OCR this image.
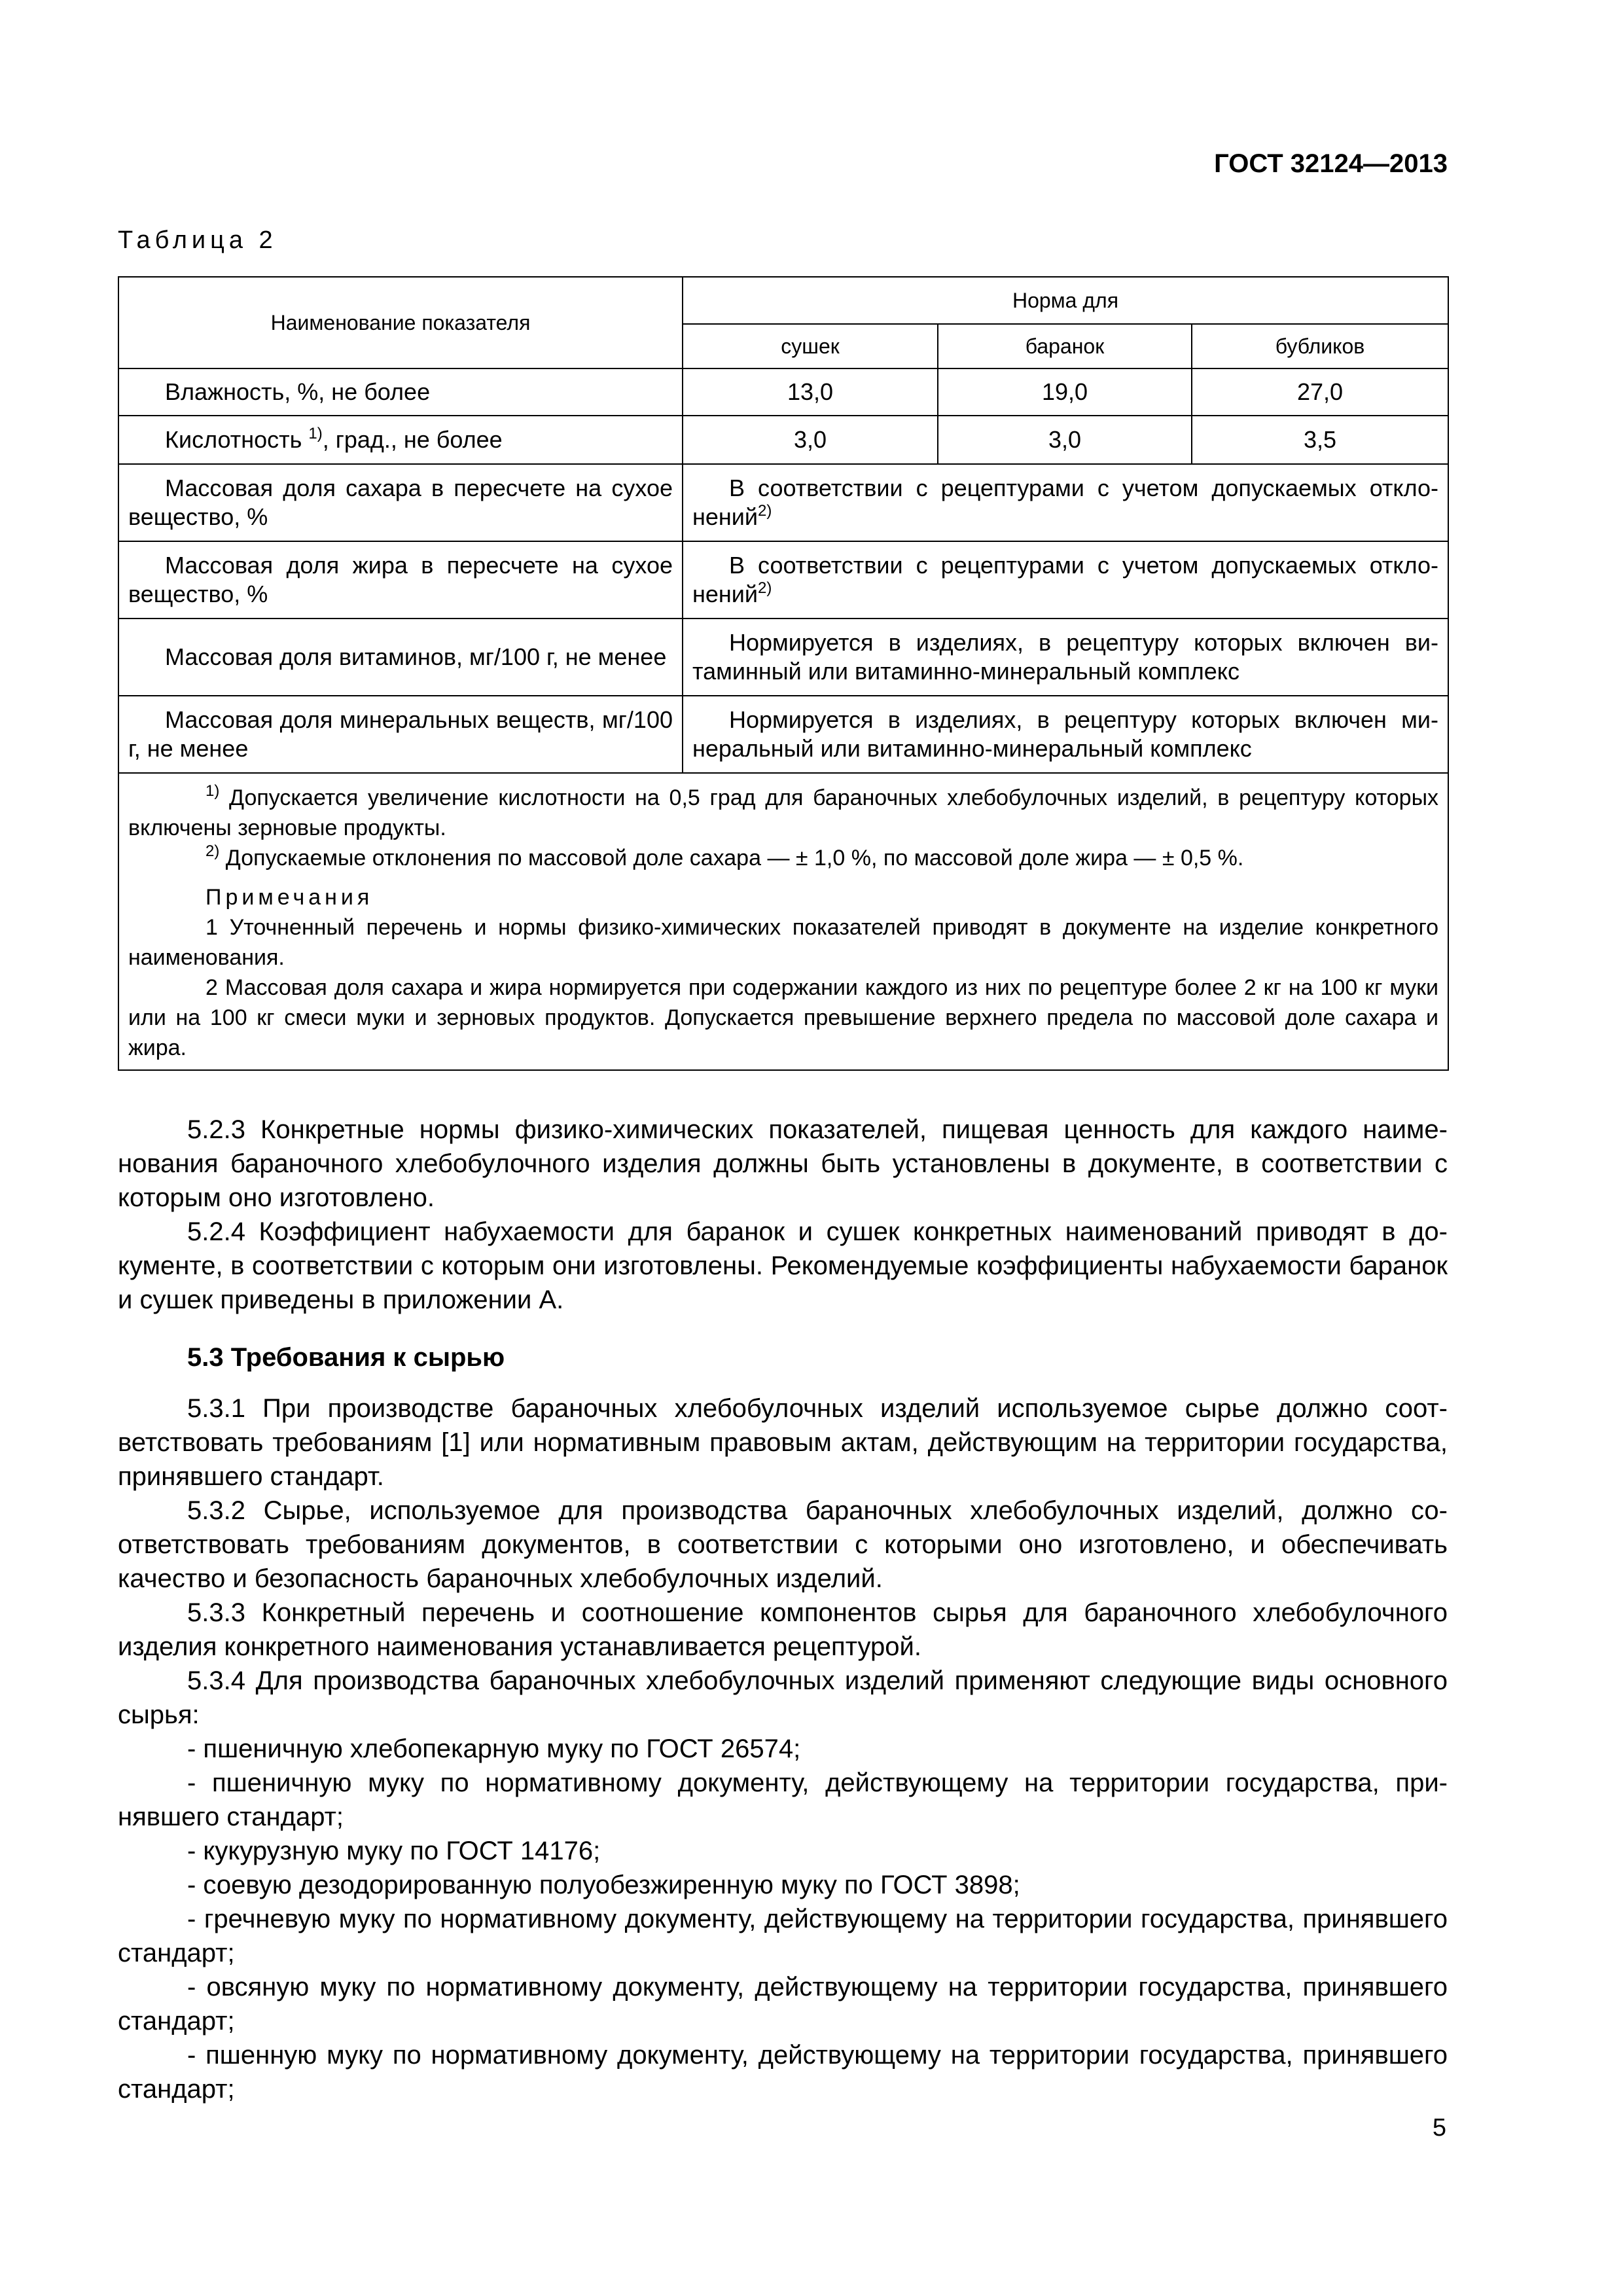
ГОСТ 32124—2013
Таблица 2
Наименование показателя	Норма для		
	сушек	баранок	бубликов
Влажность, %, не более	13,0	19,0	27,0
Кислотность $^{1)}$, град., не более	3,0	3,0	3,5
Массовая доля сахара в пересчете на сухое вещество, %	В соответствии с рецептурами с учетом допускаемых отклонений$^{2)}$
Массовая доля жира в пересчете на сухое вещество, %	В соответствии с рецептурами с учетом допускаемых отклонений$^{2)}$
Массовая доля витаминов, мг/100 г, не менее	Нормируется в изделиях, в рецептуру которых включен витаминный или витаминно-минеральный комплекс		
Массовая доля минеральных веществ, мг/100 г, не менее	Нормируется в изделиях, в рецептуру которых включен минеральный или витаминно-минеральный комплекс		

$^{1)}$ Допускается увеличение кислотности на 0,5 град для бараночных хлебобулочных изделий, в рецептуру которых включены зерновые продукты.

$^{2)}$ Допускаемые отклонения по массовой доле сахара — ± 1,0 %, по массовой доле жира — ± 0,5 %.

Примечания

1 Уточненный перечень и нормы физико-химических показателей приводят в документе на изделие конкретного наименования.

2 Массовая доля сахара и жира нормируется при содержании каждого из них по рецептуре более 2 кг на 100 кг муки или на 100 кг смеси муки и зерновых продуктов. Допускается превышение верхнего предела по массовой доле сахара и жира.			

5.2.3 Конкретные нормы физико-химических показателей, пищевая ценность для каждого наименования бараночного хлебобулочного изделия должны быть установлены в документе, в соответствии с которым оно изготовлено.

5.2.4 Коэффициент набухаемости для баранок и сушек конкретных наименований приводят в документе, в соответствии с которым они изготовлены. Рекомендуемые коэффициенты набухаемости баранок и сушек приведены в приложении А.

5.3 Требования к сырью

5.3.1 При производстве бараночных хлебобулочных изделий используемое сырье должно соответствовать требованиям [1] или нормативным правовым актам, действующим на территории государства, принявшего стандарт.

5.3.2 Сырье, используемое для производства бараночных хлебобулочных изделий, должно соответствовать требованиям документов, в соответствии с которыми оно изготовлено, и обеспечивать качество и безопасность бараночных хлебобулочных изделий.

5.3.3 Конкретный перечень и соотношение компонентов сырья для бараночного хлебобулочного изделия конкретного наименования устанавливается рецептурой.

5.3.4 Для производства бараночных хлебобулочных изделий применяют следующие виды основного сырья:

- пшеничную хлебопекарную муку по ГОСТ 26574;

- пшеничную муку по нормативному документу, действующему на территории государства, принявшего стандарт;

- кукурузную муку по ГОСТ 14176;

- соевую дезодорированную полуобезжиренную муку по ГОСТ 3898;

- гречневую муку по нормативному документу, действующему на территории государства, принявшего стандарт;

- овсяную муку по нормативному документу, действующему на территории государства, принявшего стандарт;

- пшенную муку по нормативному документу, действующему на территории государства, принявшего стандарт;

5
